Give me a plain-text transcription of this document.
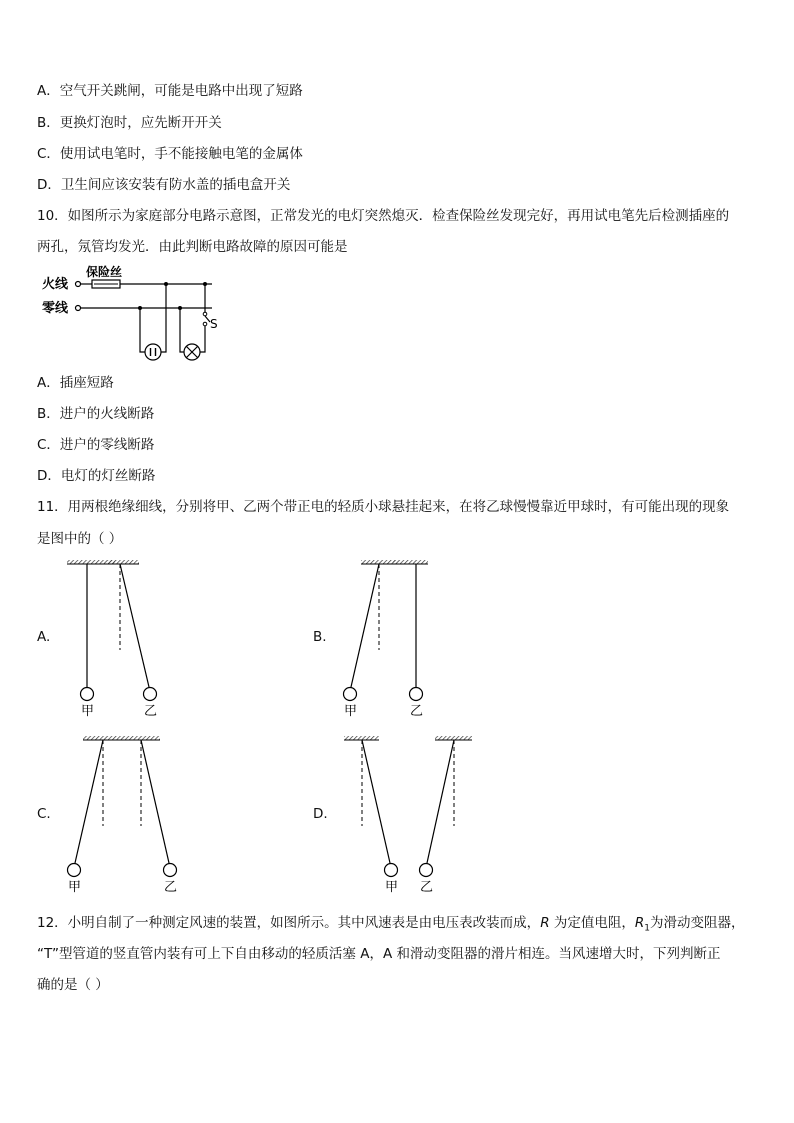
A．空气开关跳闸，可能是电路中出现了短路
B．更换灯泡时，应先断开开关
C．使用试电笔时，手不能接触电笔的金属体
D．卫生间应该安装有防水盖的插电盒开关
10．如图所示为家庭部分电路示意图，正常发光的电灯突然熄灭．检查保险丝发现完好，再用试电笔先后检测插座的
两孔，氖管均发光．由此判断电路故障的原因可能是
火线
零线
保险丝
S
A．插座短路
B．进户的火线断路
C．进户的零线断路
D．电灯的灯丝断路
11．用两根绝缘细线，分别将甲、乙两个带正电的轻质小球悬挂起来，在将乙球慢慢靠近甲球时，有可能出现的现象
是图中的（ ）
A.
甲	乙
B.
甲	乙
C.
甲	乙
D.
甲 乙
12．小明自制了一种测定风速的装置，如图所示。其中风速表是由电压表改装而成，R 为定值电阻，$R_1$为滑动变阻器，
“T”型管道的竖直管内装有可上下自由移动的轻质活塞 A，A 和滑动变阻器的滑片相连。当风速增大时，下列判断正
确的是（ ）
